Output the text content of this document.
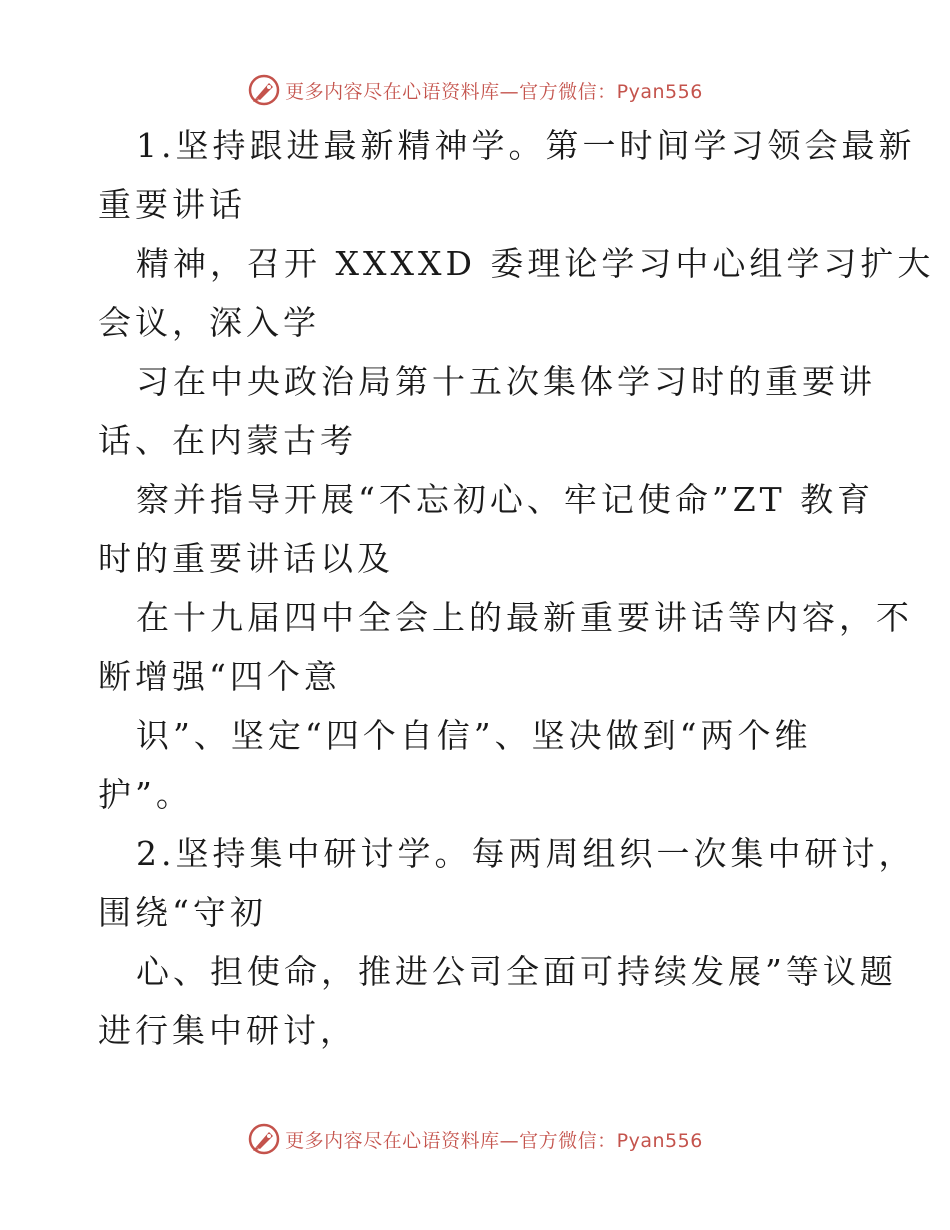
更多内容尽在心语资料库—官方微信：Pyan556
1.坚持跟进最新精神学。第一时间学习领会最新
重要讲话
精神，召开 XXXXD 委理论学习中心组学习扩大
会议，深入学
习在中央政治局第十五次集体学习时的重要讲
话、在内蒙古考
察并指导开展“不忘初心、牢记使命”ZT 教育
时的重要讲话以及
在十九届四中全会上的最新重要讲话等内容，不
断增强“四个意
识”、坚定“四个自信”、坚决做到“两个维
护”。
2.坚持集中研讨学。每两周组织一次集中研讨，
围绕“守初
心、担使命，推进公司全面可持续发展”等议题
进行集中研讨，
更多内容尽在心语资料库—官方微信：Pyan556
